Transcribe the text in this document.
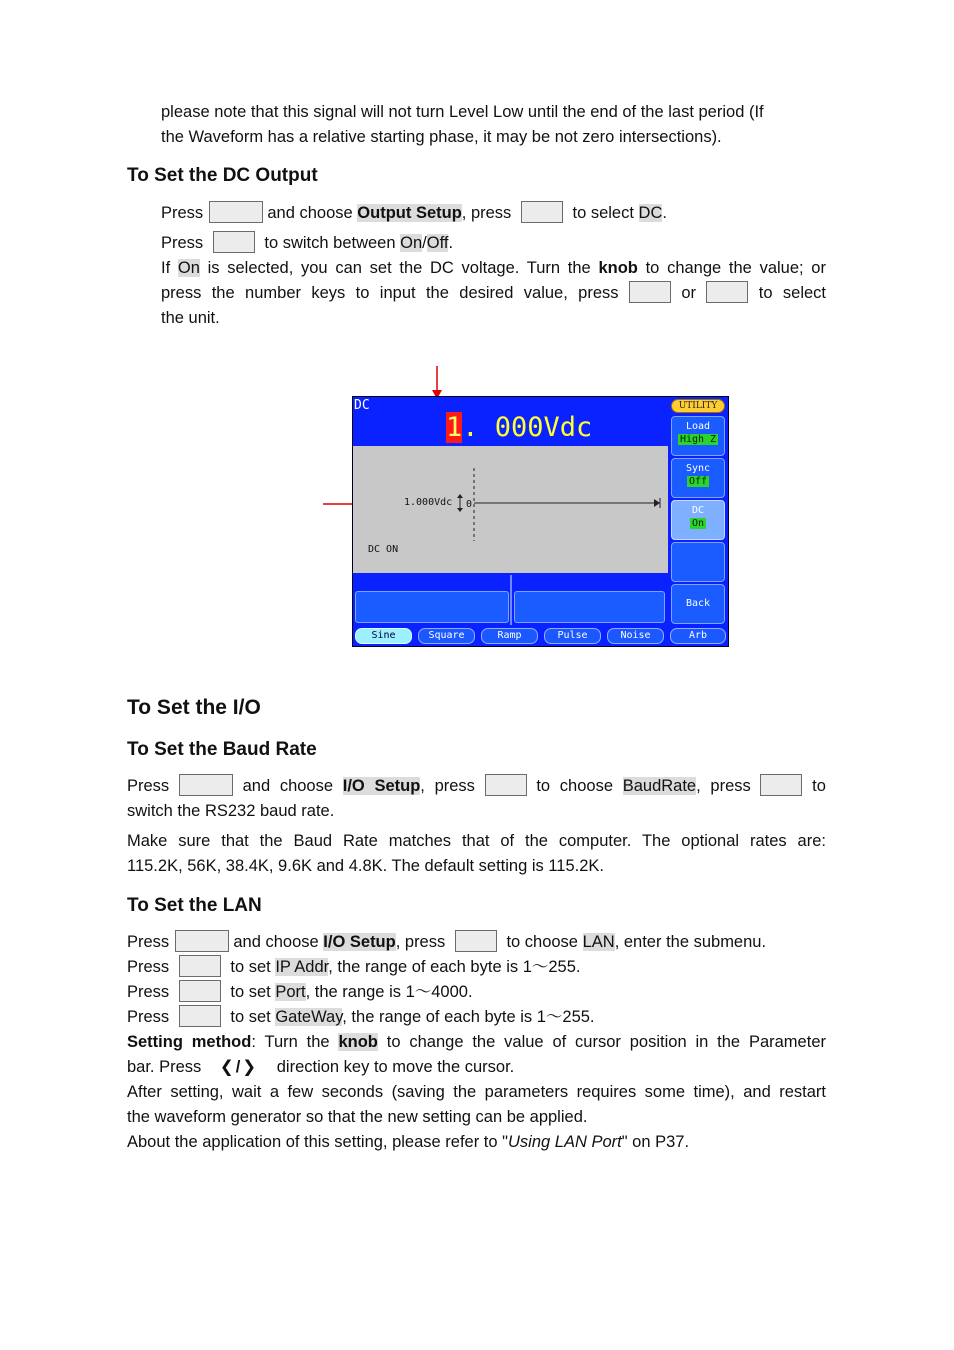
please note that this signal will not turn Level Low until the end of the last period (If
the Waveform has a relative starting phase, it may be not zero intersections).
To Set the DC Output
Press	and choose Output Setup, press	to select DC.
Press	to switch between On/Off.
If On is selected, you can set the DC voltage. Turn the knob to change the value; or
press the number keys to input the desired value, press	or	to select
the unit.
DC
1. 000Vdc
1.000Vdc 0
DC ON
UTILITY
Load
High Z
Sync
Off
DC
On
Back
Sine	Square	Ramp	Pulse	Noise	Arb
To Set the I/O
To Set the Baud Rate
Press	and choose I/O Setup, press	to choose BaudRate, press	to
switch the RS232 baud rate.
Make sure that the Baud Rate matches that of the computer. The optional rates are:
115.2K, 56K, 38.4K, 9.6K and 4.8K. The default setting is 115.2K.
To Set the LAN
Press	and choose I/O Setup, press	to choose LAN, enter the submenu.
Press	to set IP Addr, the range of each byte is 1～255.
Press	to set Port, the range is 1～4000.
Press	to set GateWay, the range of each byte is 1～255.
Setting method: Turn the knob to change the value of cursor position in the Parameter
bar. Press ❮/❯ direction key to move the cursor.
After setting, wait a few seconds (saving the parameters requires some time), and restart
the waveform generator so that the new setting can be applied.
About the application of this setting, please refer to "Using LAN Port" on P37.
